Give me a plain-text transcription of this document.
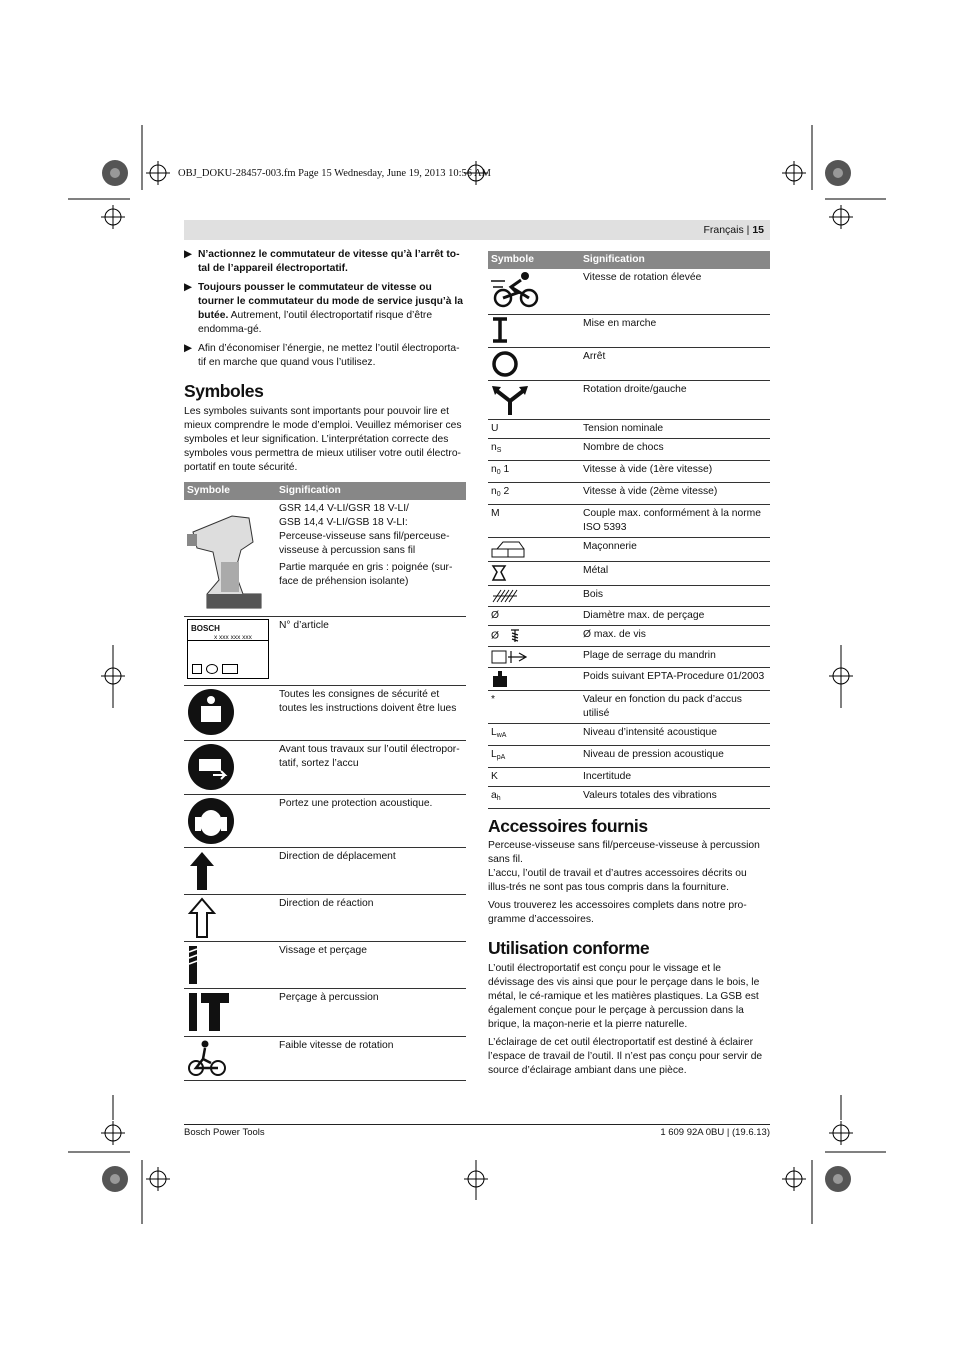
OBJ_DOKU-28457-003.fm Page 15 Wednesday, June 19, 2013 10:56 AM
Français | 15
▶ N’actionnez le commutateur de vitesse qu’à l’arrêt to-tal de l’appareil électroportatif.
▶ Toujours pousser le commutateur de vitesse ou tourner le commutateur du mode de service jusqu’à la butée. Autrement, l’outil électroportatif risque d’être endomma-gé.
▶ Afin d’économiser l’énergie, ne mettez l’outil électroporta-tif en marche que quand vous l’utilisez.
Symboles

Les symboles suivants sont importants pour pouvoir lire et mieux comprendre le mode d’emploi. Veuillez mémoriser ces symboles et leur signification. L’interprétation correcte des symboles vous permettra de mieux utiliser votre outil électro-portatif en toute sécurité.

Symbole	Signification

GSR 14,4 V-LI/GSR 18 V-LI/
GSB 14,4 V-LI/GSB 18 V-LI:
Perceuse-visseuse sans fil/perceuse-visseuse à percussion sans fil
Partie marquée en gris : poignée (sur-face de préhension isolante)

BOSCH
x xxx xxx xxx	N° d’article

	Toutes les consignes de sécurité et toutes les instructions doivent être lues

	Avant tous travaux sur l’outil électropor-tatif, sortez l’accu

	Portez une protection acoustique.

	Direction de déplacement

	Direction de réaction

	Vissage et perçage

	Perçage à percussion

	Faible vitesse de rotation
Symbole	Signification

	Vitesse de rotation élevée

	Mise en marche

	Arrêt

	Rotation droite/gauche
U	Tension nominale
$n_S$	Nombre de chocs
$n_0$ 1	Vitesse à vide (1ère vitesse)
$n_0$ 2	Vitesse à vide (2ème vitesse)
M	Couple max. conformément à la norme ISO 5393

	Maçonnerie

	Métal

	Bois
Ø	Diamètre max. de perçage
Ø	Ø max. de vis

	Plage de serrage du mandrin

	Poids suivant EPTA-Procedure 01/2003
*	Valeur en fonction du pack d’accus utilisé
$L_{wA}$	Niveau d’intensité acoustique
$L_{pA}$	Niveau de pression acoustique
K	Incertitude
$a_h$	Valeurs totales des vibrations
Accessoires fournis

Perceuse-visseuse sans fil/perceuse-visseuse à percussion sans fil.

L’accu, l’outil de travail et d’autres accessoires décrits ou illus-trés ne sont pas tous compris dans la fourniture.

Vous trouverez les accessoires complets dans notre pro-gramme d’accessoires.

Utilisation conforme

L’outil électroportatif est conçu pour le vissage et le dévissage des vis ainsi que pour le perçage dans le bois, le métal, le cé-ramique et les matières plastiques. La GSB est également conçue pour le perçage à percussion dans la brique, la maçon-nerie et la pierre naturelle.

L’éclairage de cet outil électroportatif est destiné à éclairer l’espace de travail de l’outil. Il n’est pas conçu pour servir de source d’éclairage ambiant dans une pièce.

Bosch Power Tools	1 609 92A 0BU | (19.6.13)
